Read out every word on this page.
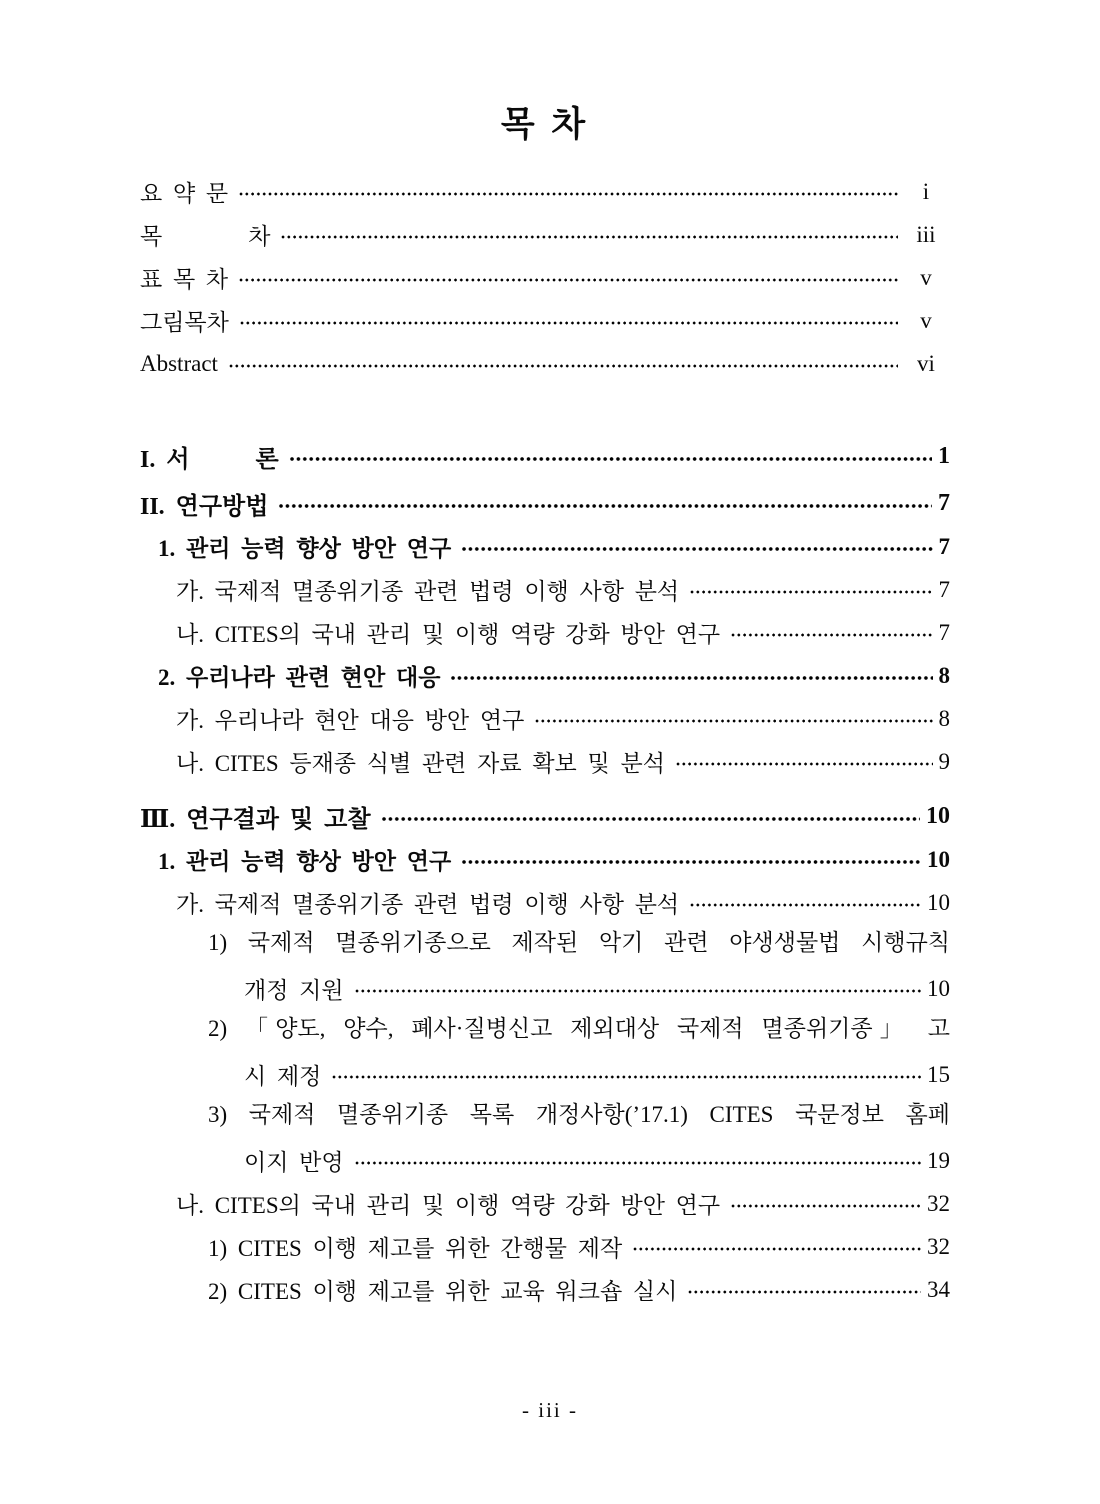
목 차
요 약 문	i
목        차	iii
표 목 차	v
그림목차	v
Abstract	vi
I. 서      론	1
II. 연구방법	7
1. 관리 능력 향상 방안 연구	7
가. 국제적 멸종위기종 관련 법령 이행 사항 분석	7
나. CITES의 국내 관리 및 이행 역량 강화 방안 연구	7
2. 우리나라 관련 현안 대응	8
가. 우리나라 현안 대응 방안 연구	8
나. CITES 등재종 식별 관련 자료 확보 및 분석	9
Ⅲ. 연구결과 및 고찰	10
1. 관리 능력 향상 방안 연구	10
가. 국제적 멸종위기종 관련 법령 이행 사항 분석	10
1) 국제적 멸종위기종으로 제작된 악기 관련 야생생물법 시행규칙
개정 지원	10
2) 「양도, 양수, 폐사·질병신고 제외대상 국제적 멸종위기종」 고
시 제정	15
3) 국제적 멸종위기종 목록 개정사항(’17.1) CITES 국문정보 홈페
이지 반영	19
나. CITES의 국내 관리 및 이행 역량 강화 방안 연구	32
1) CITES 이행 제고를 위한 간행물 제작	32
2) CITES 이행 제고를 위한 교육 워크숍 실시	34
- iii -
